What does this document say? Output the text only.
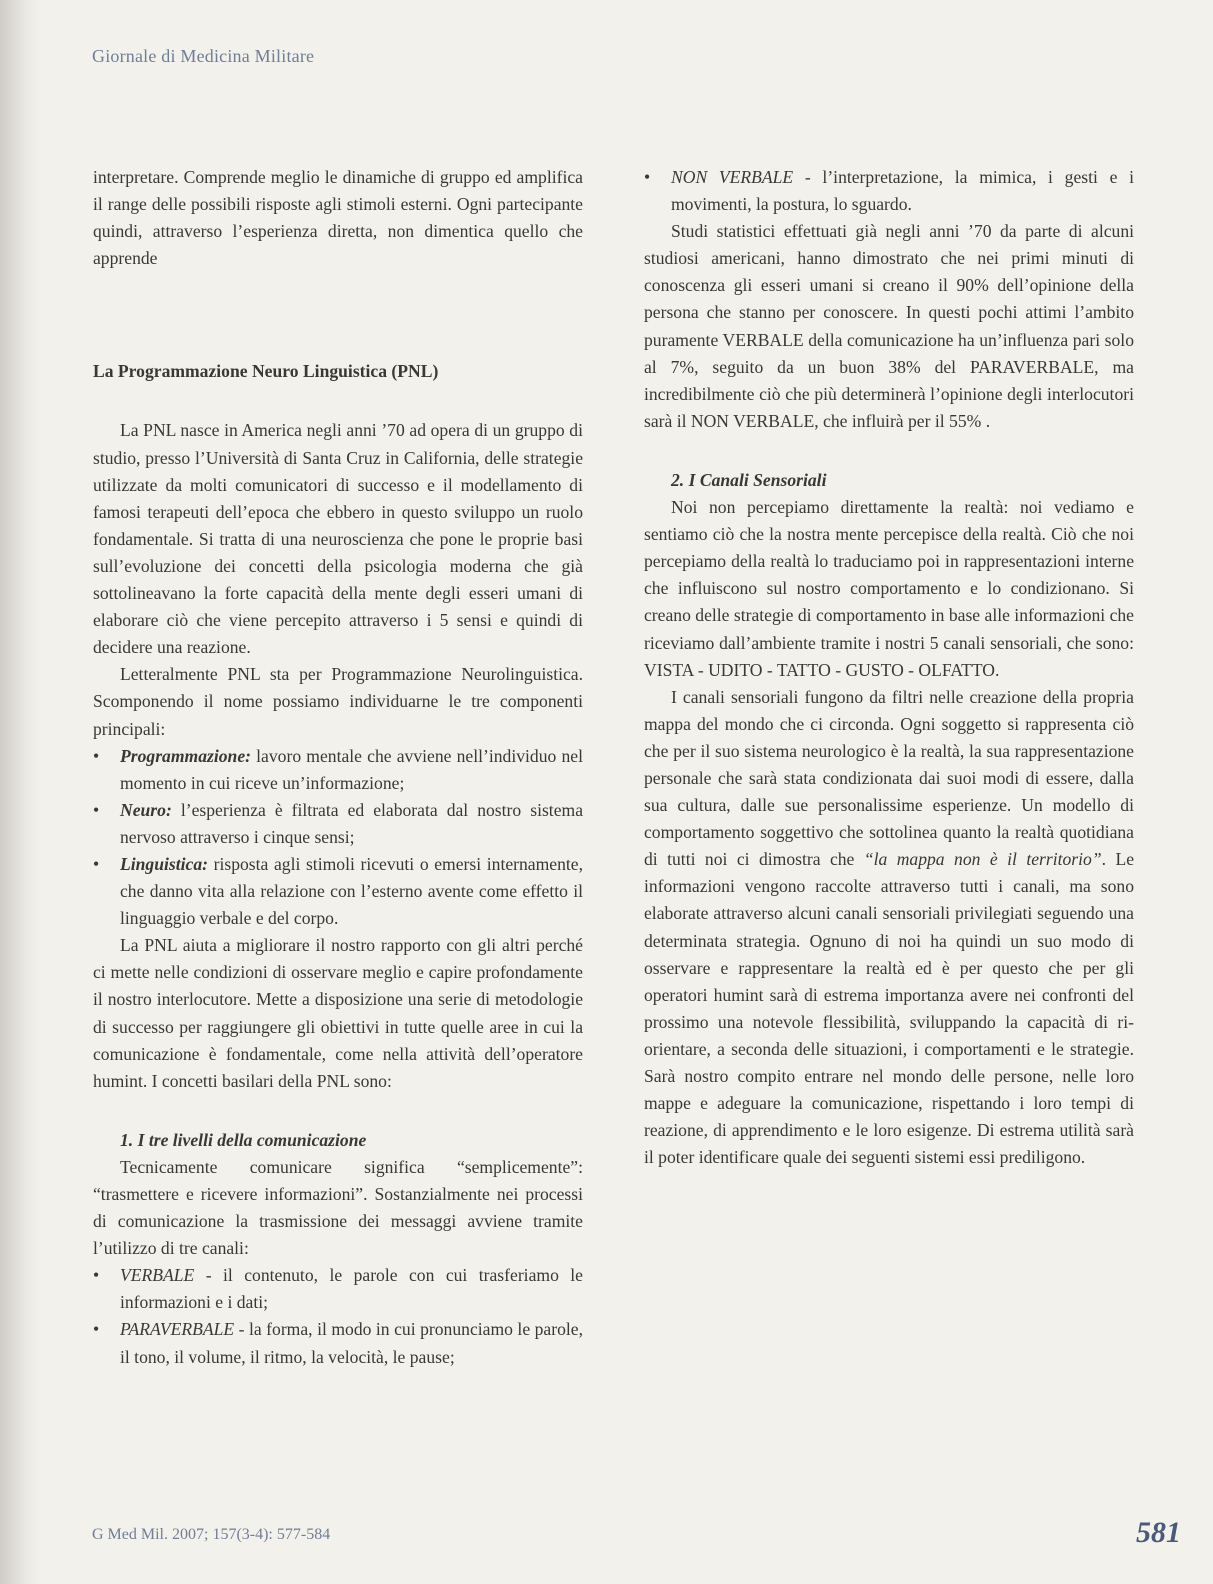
Giornale di Medicina Militare

interpretare. Comprende meglio le dinamiche di gruppo ed amplifica il range delle possibili risposte agli stimoli esterni. Ogni partecipante quindi, attraverso l’esperienza diretta, non dimentica quello che apprende

La Programmazione Neuro Linguistica (PNL)

La PNL nasce in America negli anni ’70 ad opera di un gruppo di studio, presso l’Università di Santa Cruz in California, delle strategie utilizzate da molti comunicatori di successo e il modellamento di famosi terapeuti dell’epoca che ebbero in questo sviluppo un ruolo fondamentale. Si tratta di una neuroscienza che pone le proprie basi sull’evoluzione dei concetti della psicologia moderna che già sottolineavano la forte capacità della mente degli esseri umani di elaborare ciò che viene percepito attraverso i 5 sensi e quindi di decidere una reazione.

Letteralmente PNL sta per Programmazione Neurolinguistica. Scomponendo il nome possiamo individuarne le tre componenti principali:

•	Programmazione: lavoro mentale che avviene nell’individuo nel momento in cui riceve un’informazione;
•	Neuro: l’esperienza è filtrata ed elaborata dal nostro sistema nervoso attraverso i cinque sensi;
•	Linguistica: risposta agli stimoli ricevuti o emersi internamente, che danno vita alla relazione con l’esterno avente come effetto il linguaggio verbale e del corpo.

La PNL aiuta a migliorare il nostro rapporto con gli altri perché ci mette nelle condizioni di osservare meglio e capire profondamente il nostro interlocutore. Mette a disposizione una serie di metodologie di successo per raggiungere gli obiettivi in tutte quelle aree in cui la comunicazione è fondamentale, come nella attività dell’operatore humint. I concetti basilari della PNL sono:

1. I tre livelli della comunicazione

Tecnicamente comunicare significa “semplicemente”: “trasmettere e ricevere informazioni”. Sostanzialmente nei processi di comunicazione la trasmissione dei messaggi avviene tramite l’utilizzo di tre canali:

•	VERBALE - il contenuto, le parole con cui trasferiamo le informazioni e i dati;
•	PARAVERBALE - la forma, il modo in cui pronunciamo le parole, il tono, il volume, il ritmo, la velocità, le pause;
•	NON VERBALE - l’interpretazione, la mimica, i gesti e i movimenti, la postura, lo sguardo.

Studi statistici effettuati già negli anni ’70 da parte di alcuni studiosi americani, hanno dimostrato che nei primi minuti di conoscenza gli esseri umani si creano il 90% dell’opinione della persona che stanno per conoscere. In questi pochi attimi l’ambito puramente VERBALE della comunicazione ha un’influenza pari solo al 7%, seguito da un buon 38% del PARAVERBALE, ma incredibilmente ciò che più determinerà l’opinione degli interlocutori sarà il NON VERBALE, che influirà per il 55% .

2. I Canali Sensoriali

Noi non percepiamo direttamente la realtà: noi vediamo e sentiamo ciò che la nostra mente percepisce della realtà. Ciò che noi percepiamo della realtà lo traduciamo poi in rappresentazioni interne che influiscono sul nostro comportamento e lo condizionano. Si creano delle strategie di comportamento in base alle informazioni che riceviamo dall’ambiente tramite i nostri 5 canali sensoriali, che sono: VISTA - UDITO - TATTO - GUSTO - OLFATTO.

I canali sensoriali fungono da filtri nelle creazione della propria mappa del mondo che ci circonda. Ogni soggetto si rappresenta ciò che per il suo sistema neurologico è la realtà, la sua rappresentazione personale che sarà stata condizionata dai suoi modi di essere, dalla sua cultura, dalle sue personalissime esperienze. Un modello di comportamento soggettivo che sottolinea quanto la realtà quotidiana di tutti noi ci dimostra che “la mappa non è il territorio”. Le informazioni vengono raccolte attraverso tutti i canali, ma sono elaborate attraverso alcuni canali sensoriali privilegiati seguendo una determinata strategia. Ognuno di noi ha quindi un suo modo di osservare e rappresentare la realtà ed è per questo che per gli operatori humint sarà di estrema importanza avere nei confronti del prossimo una notevole flessibilità, sviluppando la capacità di ri-orientare, a seconda delle situazioni, i comportamenti e le strategie. Sarà nostro compito entrare nel mondo delle persone, nelle loro mappe e adeguare la comunicazione, rispettando i loro tempi di reazione, di apprendimento e le loro esigenze. Di estrema utilità sarà il poter identificare quale dei seguenti sistemi essi prediligono.

G Med Mil. 2007; 157(3-4): 577-584	581
